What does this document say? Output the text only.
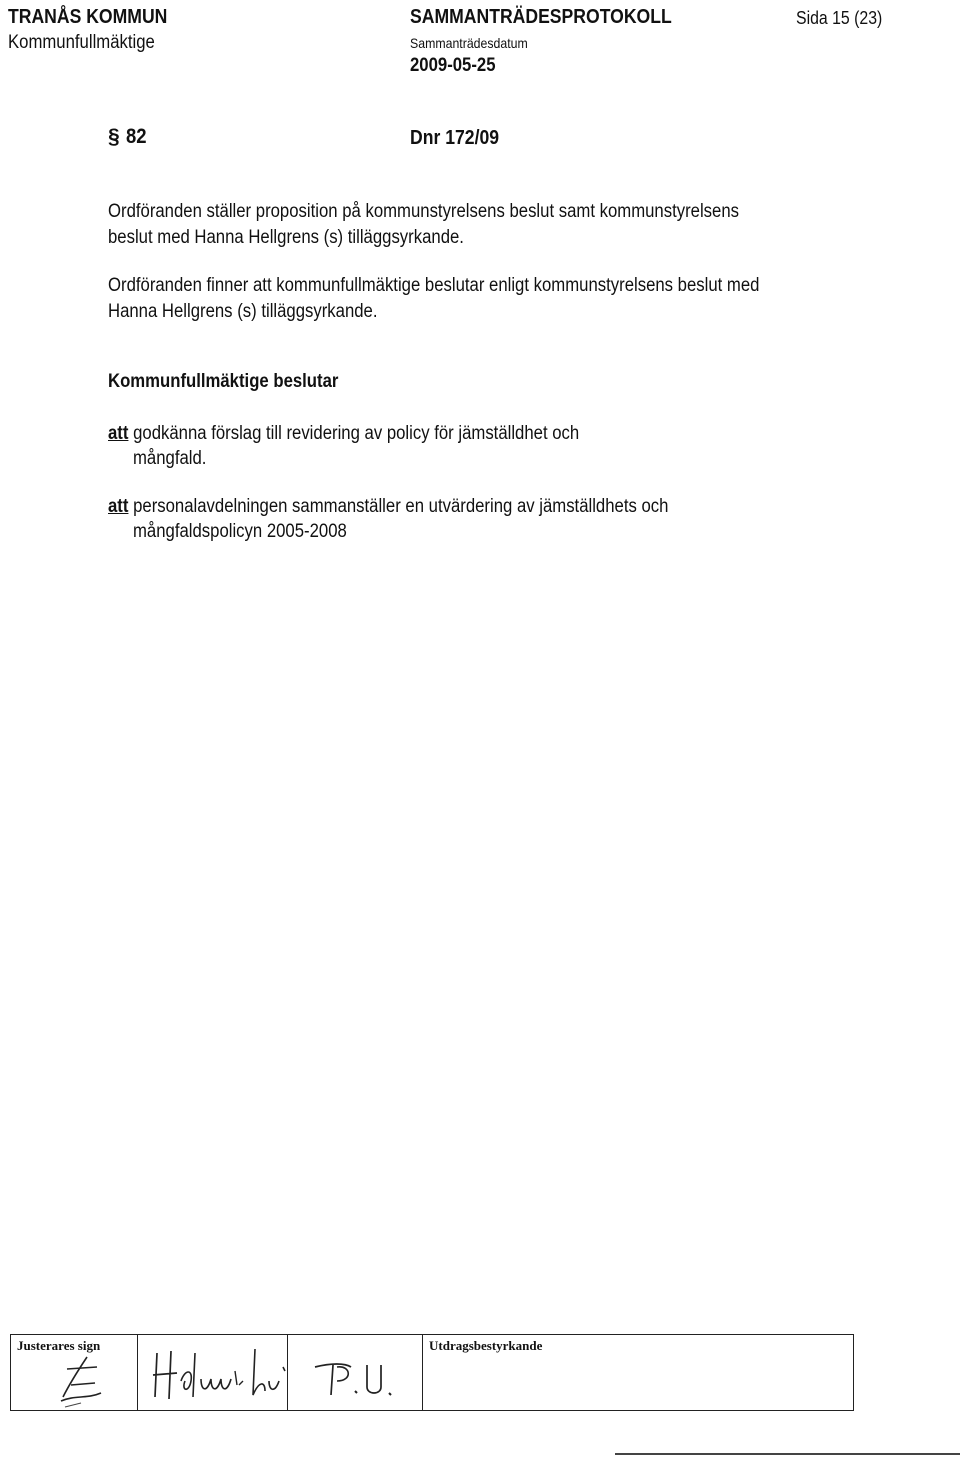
TRANÅS KOMMUN
Kommunfullmäktige
SAMMANTRÄDESPROTOKOLL
Sammanträdesdatum
2009-05-25
Sida 15 (23)
§ 82	Dnr 172/09
Ordföranden ställer proposition på kommunstyrelsens beslut samt kommunstyrelsens
beslut med Hanna Hellgrens (s) tilläggsyrkande.
Ordföranden finner att kommunfullmäktige beslutar enligt kommunstyrelsens beslut med
Hanna Hellgrens (s) tilläggsyrkande.
Kommunfullmäktige beslutar
att godkänna förslag till revidering av policy för jämställdhet och
mångfald.
att personalavdelningen sammanställer en utvärdering av jämställdhets och
mångfaldspolicyn 2005-2008
Justerares sign	Utdragsbestyrkande
